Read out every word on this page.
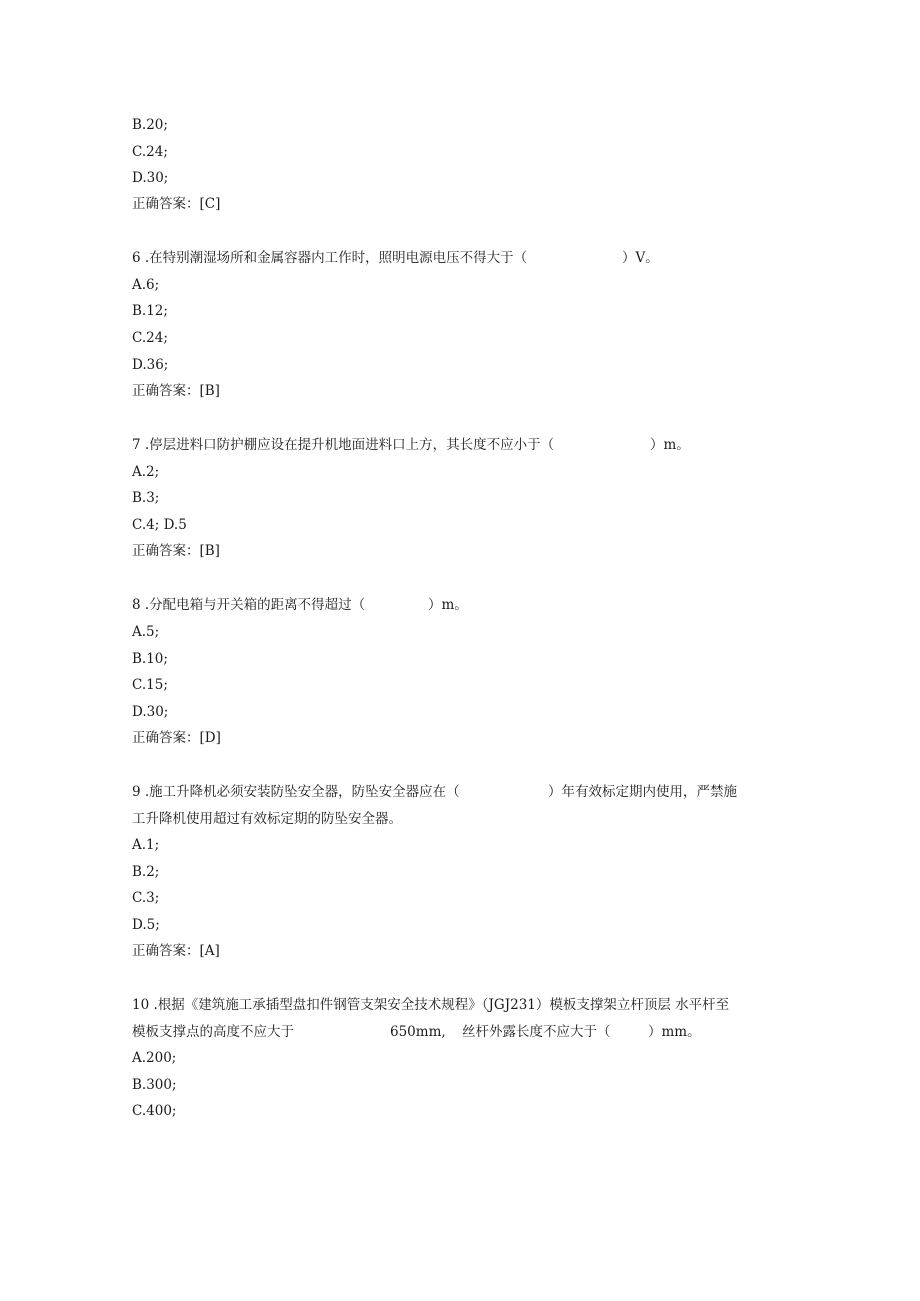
B.20;
C.24;
D.30;
正确答案：[C]
6 .在特别潮湿场所和金属容器内工作时，照明电源电压不得大于（	）V。
A.6;
B.12;
C.24;
D.36;
正确答案：[B]
7 .停层进料口防护棚应设在提升机地面进料口上方，其长度不应小于（	）m。
A.2;
B.3;
C.4; D.5
正确答案：[B]
8 .分配电箱与开关箱的距离不得超过（	）m。
A.5;
B.10;
C.15;
D.30;
正确答案：[D]
9 .施工升降机必须安装防坠安全器，防坠安全器应在（	）年有效标定期内使用，严禁施
工升降机使用超过有效标定期的防坠安全器。
A.1;
B.2;
C.3;
D.5;
正确答案：[A]
10 .根据《建筑施工承插型盘扣件钢管支架安全技术规程》（JGJ231）模板支撑架立杆顶层 水平杆至
模板支撑点的高度不应大于	650mm, 丝杆外露长度不应大于（	）mm。
A.200;
B.300;
C.400;
